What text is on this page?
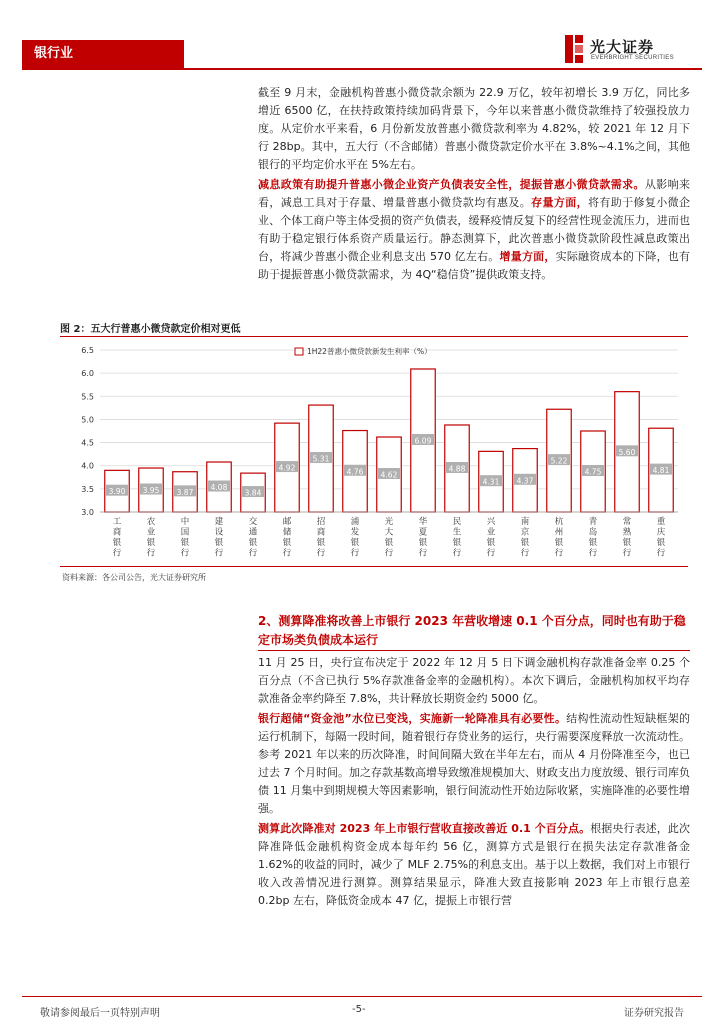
银行业	光大证券
EVERBRIGHT SECURITIES

截至 9 月末，金融机构普惠小微贷款余额为 22.9 万亿，较年初增长 3.9 万亿，同比多增近 6500 亿，在扶持政策持续加码背景下，今年以来普惠小微贷款维持了较强投放力度。从定价水平来看，6 月份新发放普惠小微贷款利率为 4.82%，较 2021 年 12 月下行 28bp。其中，五大行（不含邮储）普惠小微贷款定价水平在 3.8%~4.1%之间，其他银行的平均定价水平在 5%左右。

减息政策有助提升普惠小微企业资产负债表安全性，提振普惠小微贷款需求。从影响来看，减息工具对于存量、增量普惠小微贷款均有惠及。存量方面，将有助于修复小微企业、个体工商户等主体受损的资产负债表，缓释疫情反复下的经营性现金流压力，进而也有助于稳定银行体系资产质量运行。静态测算下，此次普惠小微贷款阶段性减息政策出台，将减少普惠小微企业利息支出 570 亿左右。增量方面，实际融资成本的下降，也有助于提振普惠小微贷款需求，为 4Q“稳信贷”提供政策支持。

图 2：五大行普惠小微贷款定价相对更低
3.0
3.5
4.0
4.5
5.0
5.5
6.0
6.5	1H22普惠小微贷款新发生利率（%）
3.90
工商银行
3.95
农业银行
3.87
中国银行
4.08
建设银行
3.84
交通银行
4.92
邮储银行
5.31
招商银行
4.76
浦发银行
4.62
光大银行
6.09
华夏银行
4.88
民生银行
4.31
兴业银行
4.37
南京银行
5.22
杭州银行
4.75
青岛银行
5.60
常熟银行
4.81
重庆银行
资料来源：各公司公告，光大证券研究所
2、测算降准将改善上市银行 2023 年营收增速 0.1 个百分点，同时也有助于稳定市场类负债成本运行

11 月 25 日，央行宣布决定于 2022 年 12 月 5 日下调金融机构存款准备金率 0.25 个百分点（不含已执行 5%存款准备金率的金融机构）。本次下调后，金融机构加权平均存款准备金率约降至 7.8%，共计释放长期资金约 5000 亿。

银行超储“资金池”水位已变浅，实施新一轮降准具有必要性。结构性流动性短缺框架的运行机制下，每隔一段时间，随着银行存贷业务的运行，央行需要深度释放一次流动性。参考 2021 年以来的历次降准，时间间隔大致在半年左右，而从 4 月份降准至今，也已过去 7 个月时间。加之存款基数高增导致缴准规模加大、财政支出力度放缓、银行司库负债 11 月集中到期规模大等因素影响，银行间流动性开始边际收紧，实施降准的必要性增强。

测算此次降准对 2023 年上市银行营收直接改善近 0.1 个百分点。根据央行表述，此次降准降低金融机构资金成本每年约 56 亿，测算方式是银行在损失法定存款准备金 1.62%的收益的同时，减少了 MLF 2.75%的利息支出。基于以上数据，我们对上市银行收入改善情况进行测算。测算结果显示，降准大致直接影响 2023 年上市银行息差 0.2bp 左右，降低资金成本 47 亿，提振上市银行营

敬请参阅最后一页特别声明	-5-	证券研究报告
